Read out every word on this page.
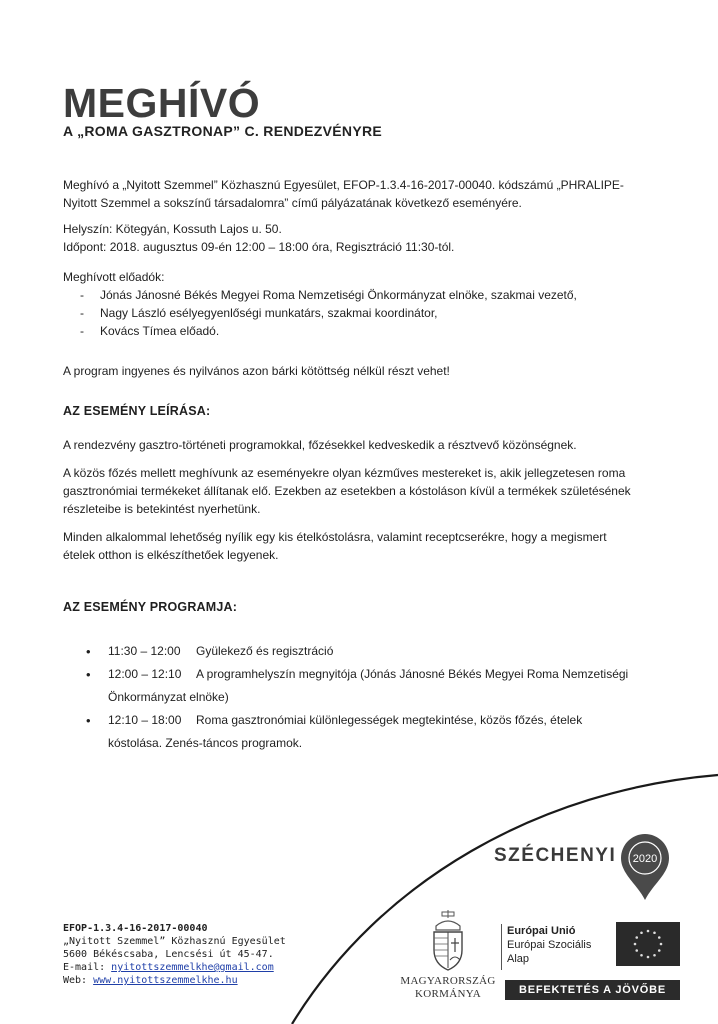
MEGHÍVÓ
A „ROMA GASZTRONAP” C. RENDEZVÉNYRE

Meghívó a „Nyitott Szemmel” Közhasznú Egyesület, EFOP-1.3.4-16-2017-00040. kódszámú „PHRALIPE-

Nyitott Szemmel a sokszínű társadalomra” című pályázatának következő eseményére.

Helyszín: Kötegyán, Kossuth Lajos u. 50.

Időpont: 2018. augusztus 09-én 12:00 – 18:00 óra, Regisztráció 11:30-tól.

Meghívott előadók:

- Jónás Jánosné Békés Megyei Roma Nemzetiségi Önkormányzat elnöke, szakmai vezető,
- Nagy László esélyegyenlőségi munkatárs, szakmai koordinátor,
- Kovács Tímea előadó.

A program ingyenes és nyilvános azon bárki kötöttség nélkül részt vehet!

AZ ESEMÉNY LEÍRÁSA:

A rendezvény gasztro-történeti programokkal, főzésekkel kedveskedik a résztvevő közönségnek.

A közös főzés mellett meghívunk az eseményekre olyan kézműves mestereket is, akik jellegzetesen roma

gasztronómiai termékeket állítanak elő. Ezekben az esetekben a kóstoláson kívül a termékek születésének

részleteibe is betekintést nyerhetünk.

Minden alkalommal lehetőség nyílik egy kis ételkóstolásra, valamint receptcserékre, hogy a megismert

ételek otthon is elkészíthetőek legyenek.

AZ ESEMÉNY PROGRAMJA:
• 11:30 – 12:00 Gyülekező és regisztráció
• 12:00 – 12:10 A programhelyszín megnyitója (Jónás Jánosné Békés Megyei Roma Nemzetiségi
Önkormányzat elnöke)
• 12:10 – 18:00 Roma gasztronómiai különlegességek megtekintése, közös főzés, ételek
kóstolása. Zenés-táncos programok.
SZÉCHENYI 2020
EFOP-1.3.4-16-2017-00040
„Nyitott Szemmel” Közhasznú Egyesület
5600 Békéscsaba, Lencsési út 45-47.
E-mail: nyitottszemmelkhe@gmail.com
Web: www.nyitottszemmelkhe.hu	MAGYARORSZÁG
KORMÁNYA
Európai Unió
Európai Szociális
Alap
BEFEKTETÉS A JÖVŐBE
